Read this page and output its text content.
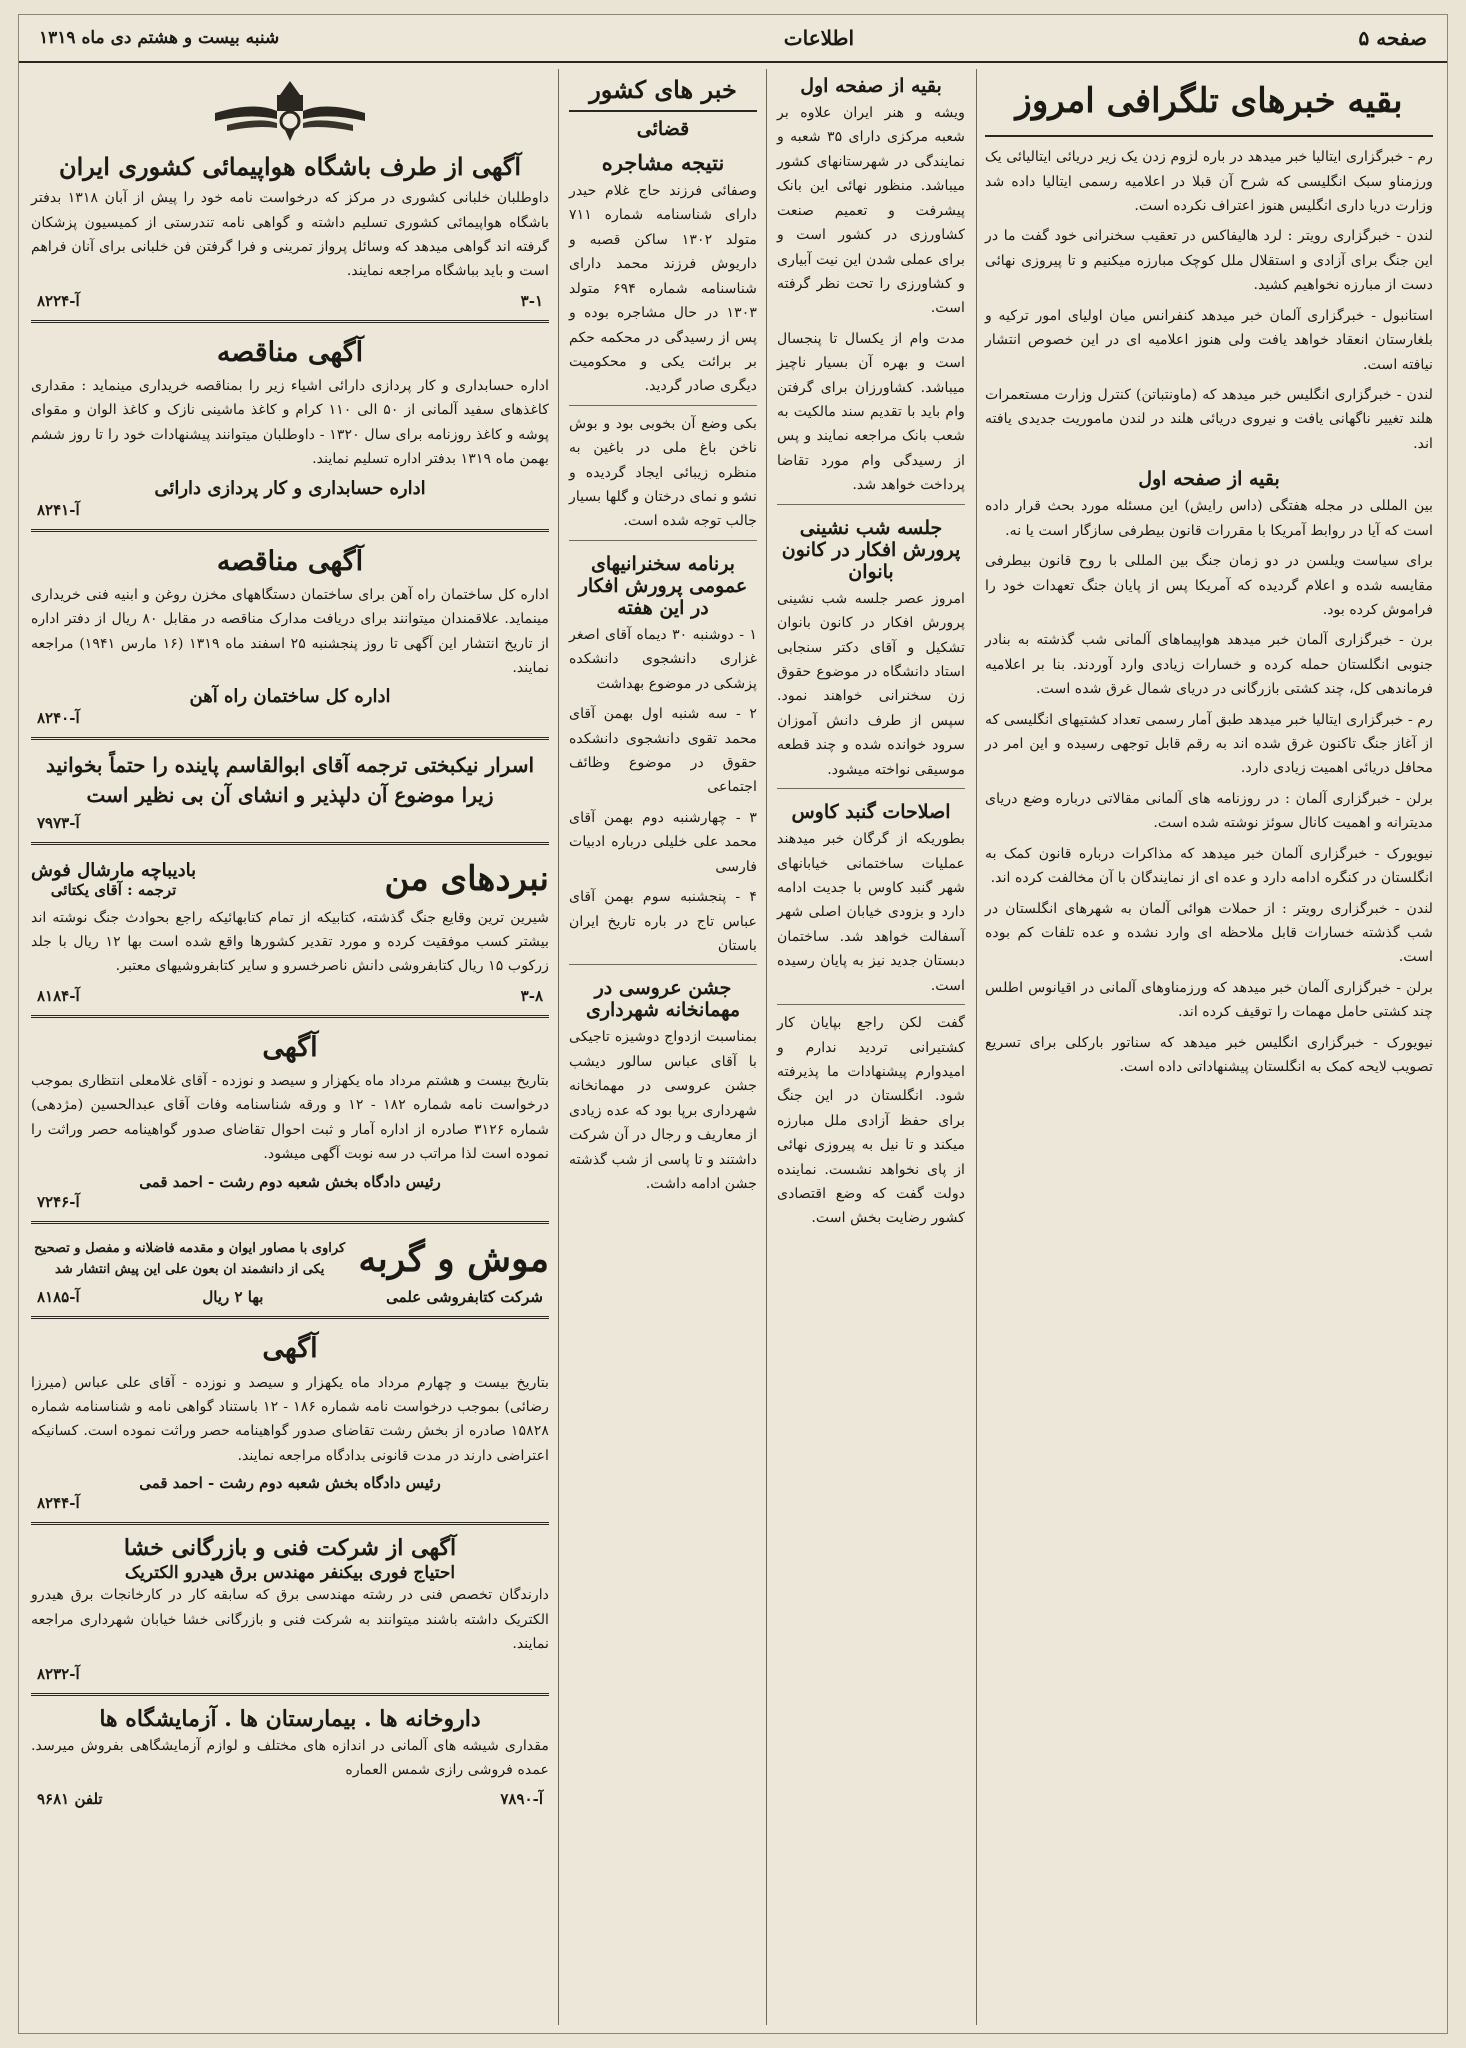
صفحه ۵
اطلاعات
شنبه بیست و هشتم دی ماه ۱۳۱۹
بقیه خبرهای تلگرافی امروز

رم - خبرگزاری ایتالیا خبر میدهد در باره لزوم زدن یک زیر دریائی ایتالیائی یک ورزمناو سبک انگلیسی که شرح آن قبلا در اعلامیه رسمی ایتالیا داده شد وزارت دریا داری انگلیس هنوز اعتراف نکرده است.

لندن - خبرگزاری رویتر : لرد هالیفاکس در تعقیب سخنرانی خود گفت ما در این جنگ برای آزادی و استقلال ملل کوچک مبارزه میکنیم و تا پیروزی نهائی دست از مبارزه نخواهیم کشید.

استانبول - خبرگزاری آلمان خبر میدهد کنفرانس میان اولیای امور ترکیه و بلغارستان انعقاد خواهد یافت ولی هنوز اعلامیه ای در این خصوص انتشار نیافته است.

لندن - خبرگزاری انگلیس خبر میدهد که (ماونتباتن) کنترل وزارت مستعمرات هلند تغییر ناگهانی یافت و نیروی دریائی هلند در لندن ماموریت جدیدی یافته اند.

بقیه از صفحه اول

بین المللی در مجله هفتگی (داس رایش) این مسئله مورد بحث قرار داده است که آیا در روابط آمریکا با مقررات قانون بیطرفی سازگار است یا نه.

برای سیاست ویلسن در دو زمان جنگ بین المللی با روح قانون بیطرفی مقایسه شده و اعلام گردیده که آمریکا پس از پایان جنگ تعهدات خود را فراموش کرده بود.

برن - خبرگزاری آلمان خبر میدهد هواپیماهای آلمانی شب گذشته به بنادر جنوبی انگلستان حمله کرده و خسارات زیادی وارد آوردند. بنا بر اعلامیه فرماندهی کل، چند کشتی بازرگانی در دریای شمال غرق شده است.

رم - خبرگزاری ایتالیا خبر میدهد طبق آمار رسمی تعداد کشتیهای انگلیسی که از آغاز جنگ تاکنون غرق شده اند به رقم قابل توجهی رسیده و این امر در محافل دریائی اهمیت زیادی دارد.

برلن - خبرگزاری آلمان : در روزنامه های آلمانی مقالاتی درباره وضع دریای مدیترانه و اهمیت کانال سوئز نوشته شده است.

نیویورک - خبرگزاری آلمان خبر میدهد که مذاکرات درباره قانون کمک به انگلستان در کنگره ادامه دارد و عده ای از نمایندگان با آن مخالفت کرده اند.

لندن - خبرگزاری رویتر : از حملات هوائی آلمان به شهرهای انگلستان در شب گذشته خسارات قابل ملاحظه ای وارد نشده و عده تلفات کم بوده است.

برلن - خبرگزاری آلمان خبر میدهد که ورزمناوهای آلمانی در اقیانوس اطلس چند کشتی حامل مهمات را توقیف کرده اند.

نیویورک - خبرگزاری انگلیس خبر میدهد که سناتور بارکلی برای تسریع تصویب لایحه کمک به انگلستان پیشنهاداتی داده است.

بقیه از صفحه اول

ویشه و هنر ایران علاوه بر شعبه مرکزی دارای ۳۵ شعبه و نمایندگی در شهرستانهای کشور میباشد. منظور نهائی این بانک پیشرفت و تعمیم صنعت کشاورزی در کشور است و برای عملی شدن این نیت آبیاری و کشاورزی را تحت نظر گرفته است.

مدت وام از یکسال تا پنجسال است و بهره آن بسیار ناچیز میباشد. کشاورزان برای گرفتن وام باید با تقدیم سند مالکیت به شعب بانک مراجعه نمایند و پس از رسیدگی وام مورد تقاضا پرداخت خواهد شد.

جلسه شب نشینی پرورش افکار در کانون بانوان

امروز عصر جلسه شب نشینی پرورش افکار در کانون بانوان تشکیل و آقای دکتر سنجابی استاد دانشگاه در موضوع حقوق زن سخنرانی خواهند نمود. سپس از طرف دانش آموزان سرود خوانده شده و چند قطعه موسیقی نواخته میشود.

اصلاحات گنبد کاوس

بطوریکه از گرگان خبر میدهند عملیات ساختمانی خیابانهای شهر گنبد کاوس با جدیت ادامه دارد و بزودی خیابان اصلی شهر آسفالت خواهد شد. ساختمان دبستان جدید نیز به پایان رسیده است.

گفت لکن راجع بپایان کار کشتیرانی تردید ندارم و امیدوارم پیشنهادات ما پذیرفته شود. انگلستان در این جنگ برای حفظ آزادی ملل مبارزه میکند و تا نیل به پیروزی نهائی از پای نخواهد نشست. نماینده دولت گفت که وضع اقتصادی کشور رضایت بخش است.

خبر های کشور
قضائی
نتیجه مشاجره

وصفائی فرزند حاج غلام حیدر دارای شناسنامه شماره ۷۱۱ متولد ۱۳۰۲ ساکن قصبه و داریوش فرزند محمد دارای شناسنامه شماره ۶۹۴ متولد ۱۳۰۳ در حال مشاجره بوده و پس از رسیدگی در محکمه حکم بر برائت یکی و محکومیت دیگری صادر گردید.

بکی وضع آن بخوبی بود و بوش ناخن باغ ملی در باغین به منظره زیبائی ایجاد گردیده و نشو و نمای درختان و گلها بسیار جالب توجه شده است.

برنامه سخنرانیهای عمومی پرورش افکار در این هفته

۱ - دوشنبه ۳۰ دیماه آقای اصغر غزاری دانشجوی دانشکده پزشکی در موضوع بهداشت

۲ - سه شنبه اول بهمن آقای محمد تقوی دانشجوی دانشکده حقوق در موضوع وظائف اجتماعی

۳ - چهارشنبه دوم بهمن آقای محمد علی خلیلی درباره ادبیات فارسی

۴ - پنجشنبه سوم بهمن آقای عباس تاج در باره تاریخ ایران باستان

جشن عروسی در مهمانخانه شهرداری

بمناسبت ازدواج دوشیزه تاجیکی با آقای عباس سالور دیشب جشن عروسی در مهمانخانه شهرداری برپا بود که عده زیادی از معاریف و رجال در آن شرکت داشتند و تا پاسی از شب گذشته جشن ادامه داشت.

آگهی از طرف باشگاه هواپیمائی کشوری ایران

داوطلبان خلبانی کشوری در مرکز که درخواست نامه خود را پیش از آبان ۱۳۱۸ بدفتر باشگاه هواپیمائی کشوری تسلیم داشته و گواهی نامه تندرستی از کمیسیون پزشکان گرفته اند گواهی میدهد که وسائل پرواز تمرینی و فرا گرفتن فن خلبانی برای آنان فراهم است و باید بباشگاه مراجعه نمایند.

۳-۱
آ-۸۲۲۴
آگهی مناقصه

اداره حسابداری و کار پردازی دارائی اشیاء زیر را بمناقصه خریداری مینماید : مقداری کاغذهای سفید آلمانی از ۵۰ الی ۱۱۰ کرام و کاغذ ماشینی نازک و کاغذ الوان و مقوای پوشه و کاغذ روزنامه برای سال ۱۳۲۰ - داوطلبان میتوانند پیشنهادات خود را تا روز ششم بهمن ماه ۱۳۱۹ بدفتر اداره تسلیم نمایند.

اداره حسابداری و کار پردازی دارائی
آ-۸۲۴۱
آگهی مناقصه

اداره کل ساختمان راه آهن برای ساختمان دستگاههای مخزن روغن و ابنیه فنی خریداری مینماید. علاقمندان میتوانند برای دریافت مدارک مناقصه در مقابل ۸۰ ریال از دفتر اداره از تاریخ انتشار این آگهی تا روز پنجشنبه ۲۵ اسفند ماه ۱۳۱۹ (۱۶ مارس ۱۹۴۱) مراجعه نمایند.

اداره کل ساختمان راه آهن
آ-۸۲۴۰
اسرار نیکبختی ترجمه آقای ابوالقاسم پاینده را حتماً بخوانید زیرا موضوع آن دلپذیر و انشای آن بی نظیر است
آ-۷۹۷۳
نبردهای من
بادیباچه مارشال فوش
ترجمه : آقای یکتائی

شیرین ترین وقایع جنگ گذشته، کتابیکه از تمام کتابهائیکه راجع بحوادث جنگ نوشته اند بیشتر کسب موفقیت کرده و مورد تقدیر کشورها واقع شده است بها ۱۲ ریال با جلد زرکوب ۱۵ ریال کتابفروشی دانش ناصرخسرو و سایر کتابفروشیهای معتبر.

۳-۸
آ-۸۱۸۴
آگهی

بتاریخ بیست و هشتم مرداد ماه یکهزار و سیصد و نوزده - آقای غلامعلی انتظاری بموجب درخواست نامه شماره ۱۸۲ - ۱۲ و ورقه شناسنامه وفات آقای عبدالحسین (مژدهی) شماره ۳۱۲۶ صادره از اداره آمار و ثبت احوال تقاضای صدور گواهینامه حصر وراثت را نموده است لذا مراتب در سه نوبت آگهی میشود.

رئیس دادگاه بخش شعبه دوم رشت - احمد قمی
آ-۷۲۴۶
موش و گربه
کراوی با مصاور ایوان و مقدمه فاضلانه و مفصل و تصحیح یکی از دانشمند ان بعون علی این پیش انتشار شد
شرکت کتابفروشی علمی
بها ۲ ریال
آ-۸۱۸۵
آگهی

بتاریخ بیست و چهارم مرداد ماه یکهزار و سیصد و نوزده - آقای علی عباس (میرزا رضائی) بموجب درخواست نامه شماره ۱۸۶ - ۱۲ باستناد گواهی نامه و شناسنامه شماره ۱۵۸۲۸ صادره از بخش رشت تقاضای صدور گواهینامه حصر وراثت نموده است. کسانیکه اعتراضی دارند در مدت قانونی بدادگاه مراجعه نمایند.

رئیس دادگاه بخش شعبه دوم رشت - احمد قمی
آ-۸۲۴۴
آگهی از شرکت فنی و بازرگانی خشا
احتیاج فوری بیکنفر مهندس برق هیدرو الکتریک

دارندگان تخصص فنی در رشته مهندسی برق که سابقه کار در کارخانجات برق هیدرو الکتریک داشته باشند میتوانند به شرکت فنی و بازرگانی خشا خیابان شهرداری مراجعه نمایند.

آ-۸۲۳۲
داروخانه ها . بیمارستان ها . آزمایشگاه ها

مقداری شیشه های آلمانی در اندازه های مختلف و لوازم آزمایشگاهی بفروش میرسد. عمده فروشی رازی شمس العماره

آ-۷۸۹۰
تلفن ۹۶۸۱
